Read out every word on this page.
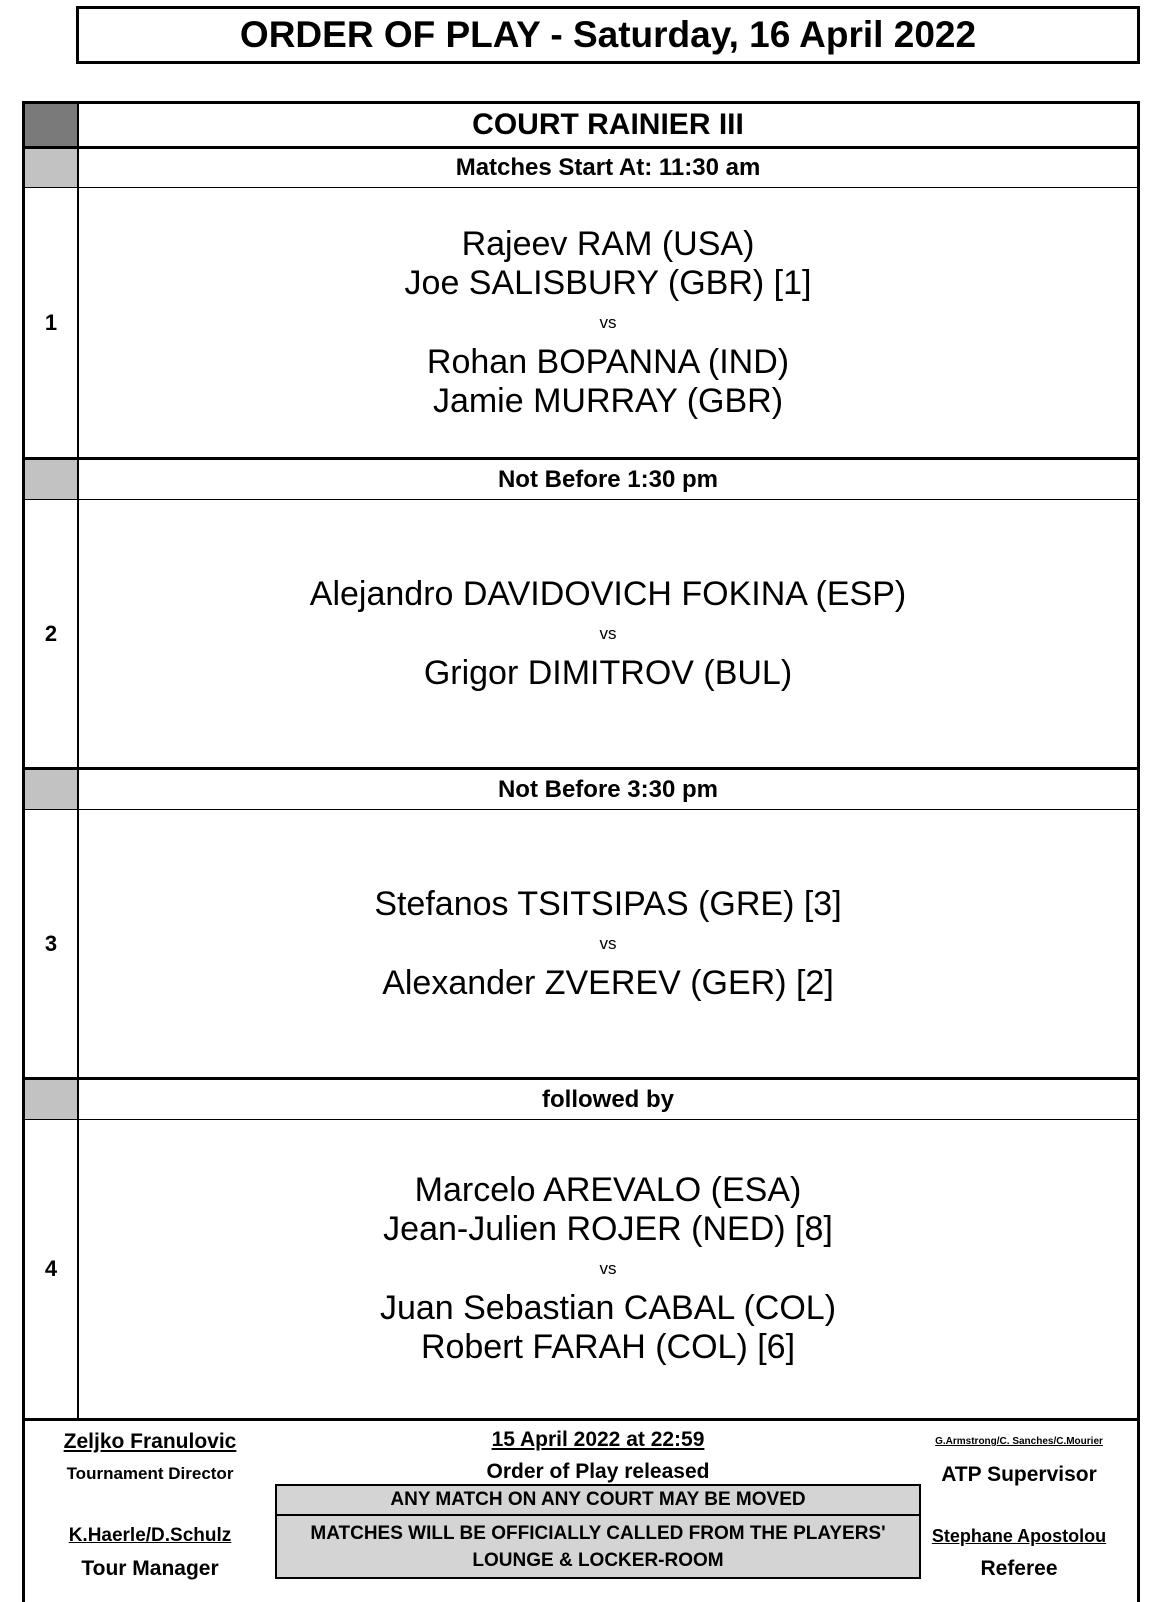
ORDER OF PLAY - Saturday, 16 April 2022
COURT RAINIER III
Matches Start At: 11:30 am
1
Rajeev RAM (USA)
Joe SALISBURY (GBR) [1]
vs
Rohan BOPANNA (IND)
Jamie MURRAY (GBR)
Not Before 1:30 pm
2
Alejandro DAVIDOVICH FOKINA (ESP)
vs
Grigor DIMITROV (BUL)
Not Before 3:30 pm
3
Stefanos TSITSIPAS (GRE) [3]
vs
Alexander ZVEREV (GER) [2]
followed by
4
Marcelo AREVALO (ESA)
Jean-Julien ROJER (NED) [8]
vs
Juan Sebastian CABAL (COL)
Robert FARAH (COL) [6]
Zeljko Franulovic
Tournament Director
15 April 2022 at 22:59
Order of Play released
G.Armstrong/C. Sanches/C.Mourier
ATP Supervisor
K.Haerle/D.Schulz
Tour Manager
ANY MATCH ON ANY COURT MAY BE MOVED
MATCHES WILL BE OFFICIALLY CALLED FROM THE PLAYERS' LOUNGE & LOCKER-ROOM
Stephane Apostolou
Referee
